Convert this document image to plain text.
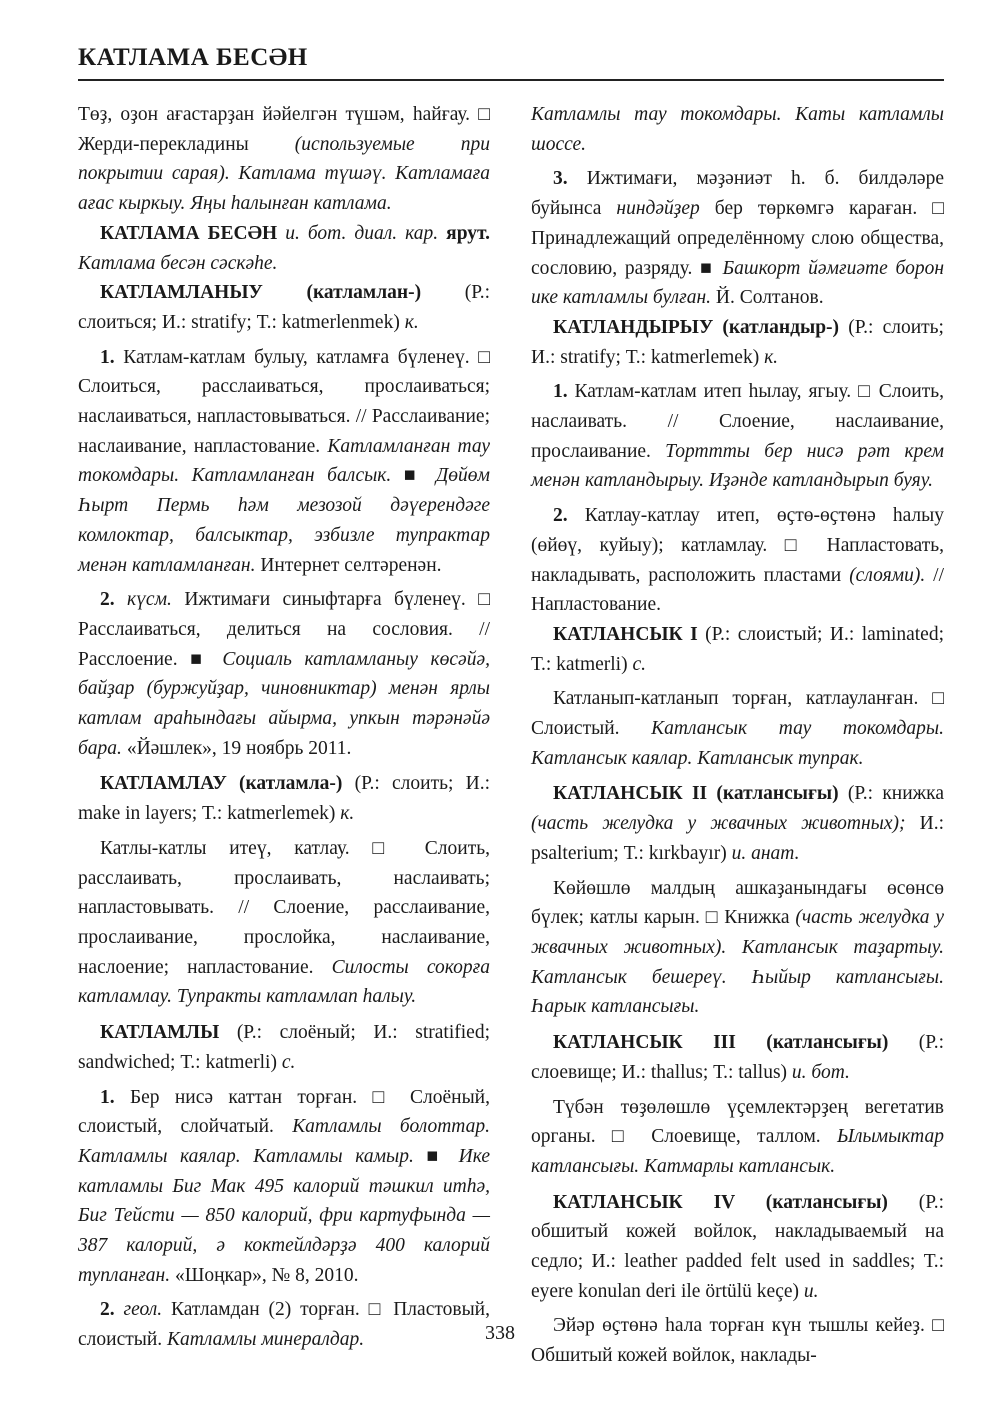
КАТЛАМА БЕСӘН

Төҙ, оҙон ағастарҙан йәйелгән түшәм, һайғау. □ Жерди-перекладины (используемые при покрытии сарая). Катлама түшәү. Катламаға ағас кыркыу. Яңы һалынған катлама.

КАТЛАМА БЕСӘН и. бот. диал. кар. ярут. Катлама бесән сәскәһе.

КАТЛАМЛАНЫУ (катламлан-) (Р.: слоиться; И.: stratify; Т.: katmerlenmek) к.

1. Катлам-катлам булыу, катламға бүленеү. □ Слоиться, расслаиваться, прослаиваться; наслаиваться, напластовываться. // Расслаивание; наслаивание, напластование. Катламланған тау токомдары. Катламланған балсык. ■ Дөйөм Һырт Пермь һәм мезозой дәүерендәге комлоктар, балсыктар, эзбизле тупрактар менән катламланған. Интернет селтәренән.

2. күсм. Ижтимағи синыфтарға бүленеү. □ Расслаиваться, делиться на сословия. // Расслоение. ■ Социаль катламланыу көсәйә, байҙар (буржуйҙар, чиновниктар) менән ярлы катлам араһындағы айырма, упкын тәрәнәйә бара. «Йәшлек», 19 ноябрь 2011.

КАТЛАМЛАУ (катламла-) (Р.: слоить; И.: make in layers; Т.: katmerlemek) к.

Катлы-катлы итеү, катлау. □ Слоить, расслаивать, прослаивать, наслаивать; напластовывать. // Слоение, расслаивание, прослаивание, прослойка, наслаивание, наслоение; напластование. Силосты сокорға катламлау. Тупракты катламлап һалыу.

КАТЛАМЛЫ (Р.: слоёный; И.: stratified; sandwiched; Т.: katmerli) с.

1. Бер нисә каттан торған. □ Слоёный, слоистый, слойчатый. Катламлы болоттар. Катламлы каялар. Катламлы камыр. ■ Ике катламлы Биг Мак 495 калорий тәшкил итһә, Биг Тейсти — 850 калорий, фри картуфында — 387 калорий, ә коктейлдәрҙә 400 калорий тупланған. «Шоңкар», № 8, 2010.

2. геол. Катламдан (2) торған. □ Пластовый, слоистый. Катламлы минералдар.

Катламлы тау токомдары. Каты катламлы шоссе.

3. Ижтимағи, мәҙәниәт һ. б. билдәләре буйынса ниндәйҙер бер төркөмгә караған. □ Принадлежащий определённому слою общества, сословию, разряду. ■ Башкорт йәмғиәте борон ике катламлы булған. Й. Солтанов.

КАТЛАНДЫРЫУ (катландыр-) (Р.: слоить; И.: stratify; Т.: katmerlemek) к.

1. Катлам-катлам итеп һылау, ягыу. □ Слоить, наслаивать. // Слоение, наслаивание, прослаивание. Торттты бер нисә рәт крем менән катландырыу. Иҙәнде катландырып буяу.

2. Катлау-катлау итеп, өҫтө-өҫтөнә һалыу (өйөү, куйыу); катламлау. □ Напластовать, накладывать, расположить пластами (слоями). // Напластование.

КАТЛАНСЫК I (Р.: слоистый; И.: laminated; Т.: katmerli) с.

Катланып-катланып торған, катлауланған. □ Слоистый. Катлансык тау токомдары. Катлансык каялар. Катлансык тупрак.

КАТЛАНСЫК II (катлансығы) (Р.: книжка (часть желудка у жвачных животных); И.: psalterium; Т.: kırkbayır) и. анат.

Көйөшлө малдың ашкаҙанындағы өсөнсө бүлек; катлы карын. □ Книжка (часть желудка у жвачных животных). Катлансык таҙартыу. Катлансык бешереү. Һыйыр катлансығы. Һарык катлансығы.

КАТЛАНСЫК III (катлансығы) (Р.: слоевище; И.: thallus; Т.: tallus) и. бот.

Түбән төҙөлөшлө үҫемлектәрҙең вегетатив органы. □ Слоевище, таллом. Ылымыктар катлансығы. Катмарлы катлансык.

КАТЛАНСЫК IV (катлансығы) (Р.: обшитый кожей войлок, накладываемый на седло; И.: leather padded felt used in saddles; Т.: eyere konulan deri ile örtülü keçe) и.

Эйәр өҫтөнә һала торған күн тышлы кейеҙ. □ Обшитый кожей войлок, наклады-

338
